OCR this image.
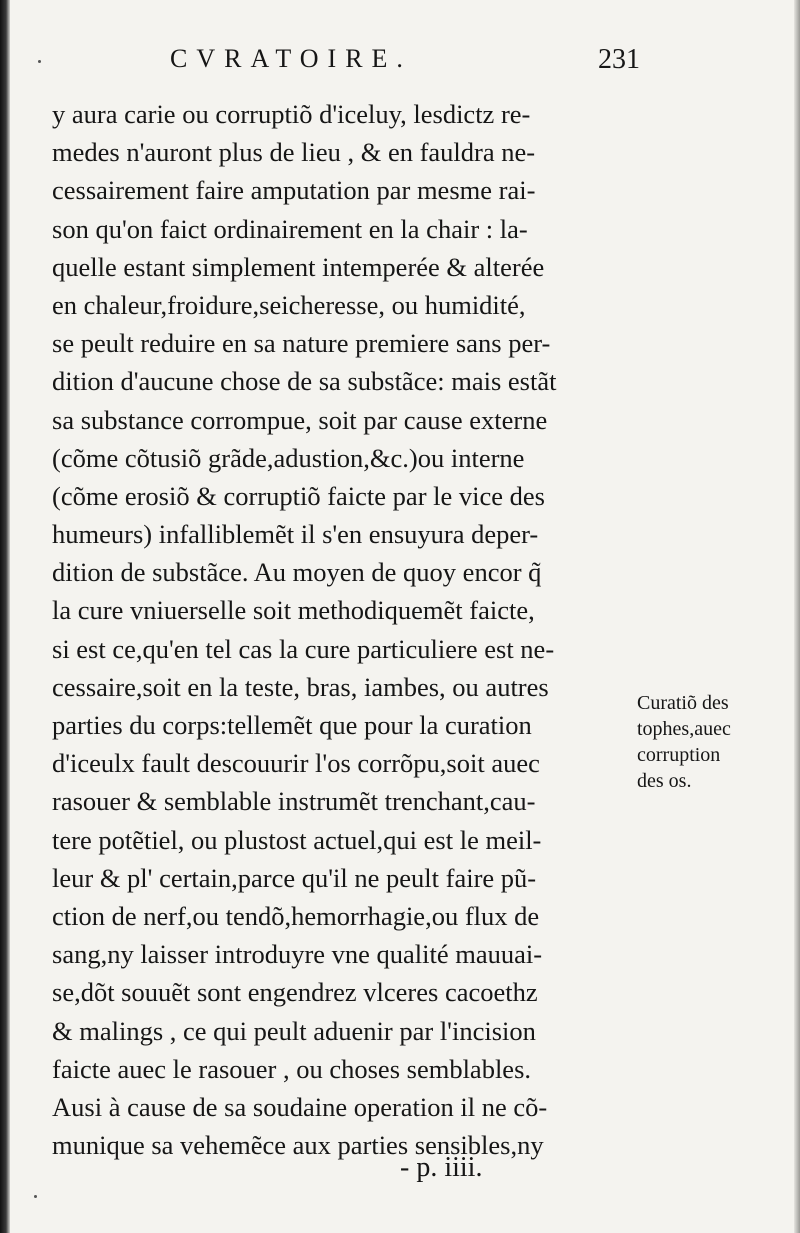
CVRATOIRE.	231
y aura carie ou corruptiõ d'iceluy, lesdictz re-
medes n'auront plus de lieu , & en fauldra ne-
cessairement faire amputation par mesme rai-
son qu'on faict ordinairement en la chair : la-
quelle estant simplement intemperée & alterée
en chaleur,froidure,seicheresse, ou humidité,
se peult reduire en sa nature premiere sans per-
dition d'aucune chose de sa substãce: mais estãt
sa substance corrompue, soit par cause externe
(cõme cõtusiõ grãde,adustion,&c.)ou interne
(cõme erosiõ & corruptiõ faicte par le vice des
humeurs) infalliblemẽt il s'en ensuyura deper-
dition de substãce. Au moyen de quoy encor q̃
la cure vniuerselle soit methodiquemẽt faicte,
si est ce,qu'en tel cas la cure particuliere est ne-
cessaire,soit en la teste, bras, iambes, ou autres
parties du corps:tellemẽt que pour la curation
d'iceulx fault descouurir l'os corrõpu,soit auec
rasouer & semblable instrumẽt trenchant,cau-
tere potẽtiel, ou plustost actuel,qui est le meil-
leur & pl' certain,parce qu'il ne peult faire pũ-
ction de nerf,ou tendõ,hemorrhagie,ou flux de
sang,ny laisser introduyre vne qualité mauuai-
se,dõt souuẽt sont engendrez vlceres cacoethz
& malings , ce qui peult aduenir par l'incision
faicte auec le rasouer , ou choses semblables.
Ausi à cause de sa soudaine operation il ne cõ-
munique sa vehemẽce aux parties sensibles,ny
Curatiõ des
tophes,auec
corruption
des os.
- p. iiii.
